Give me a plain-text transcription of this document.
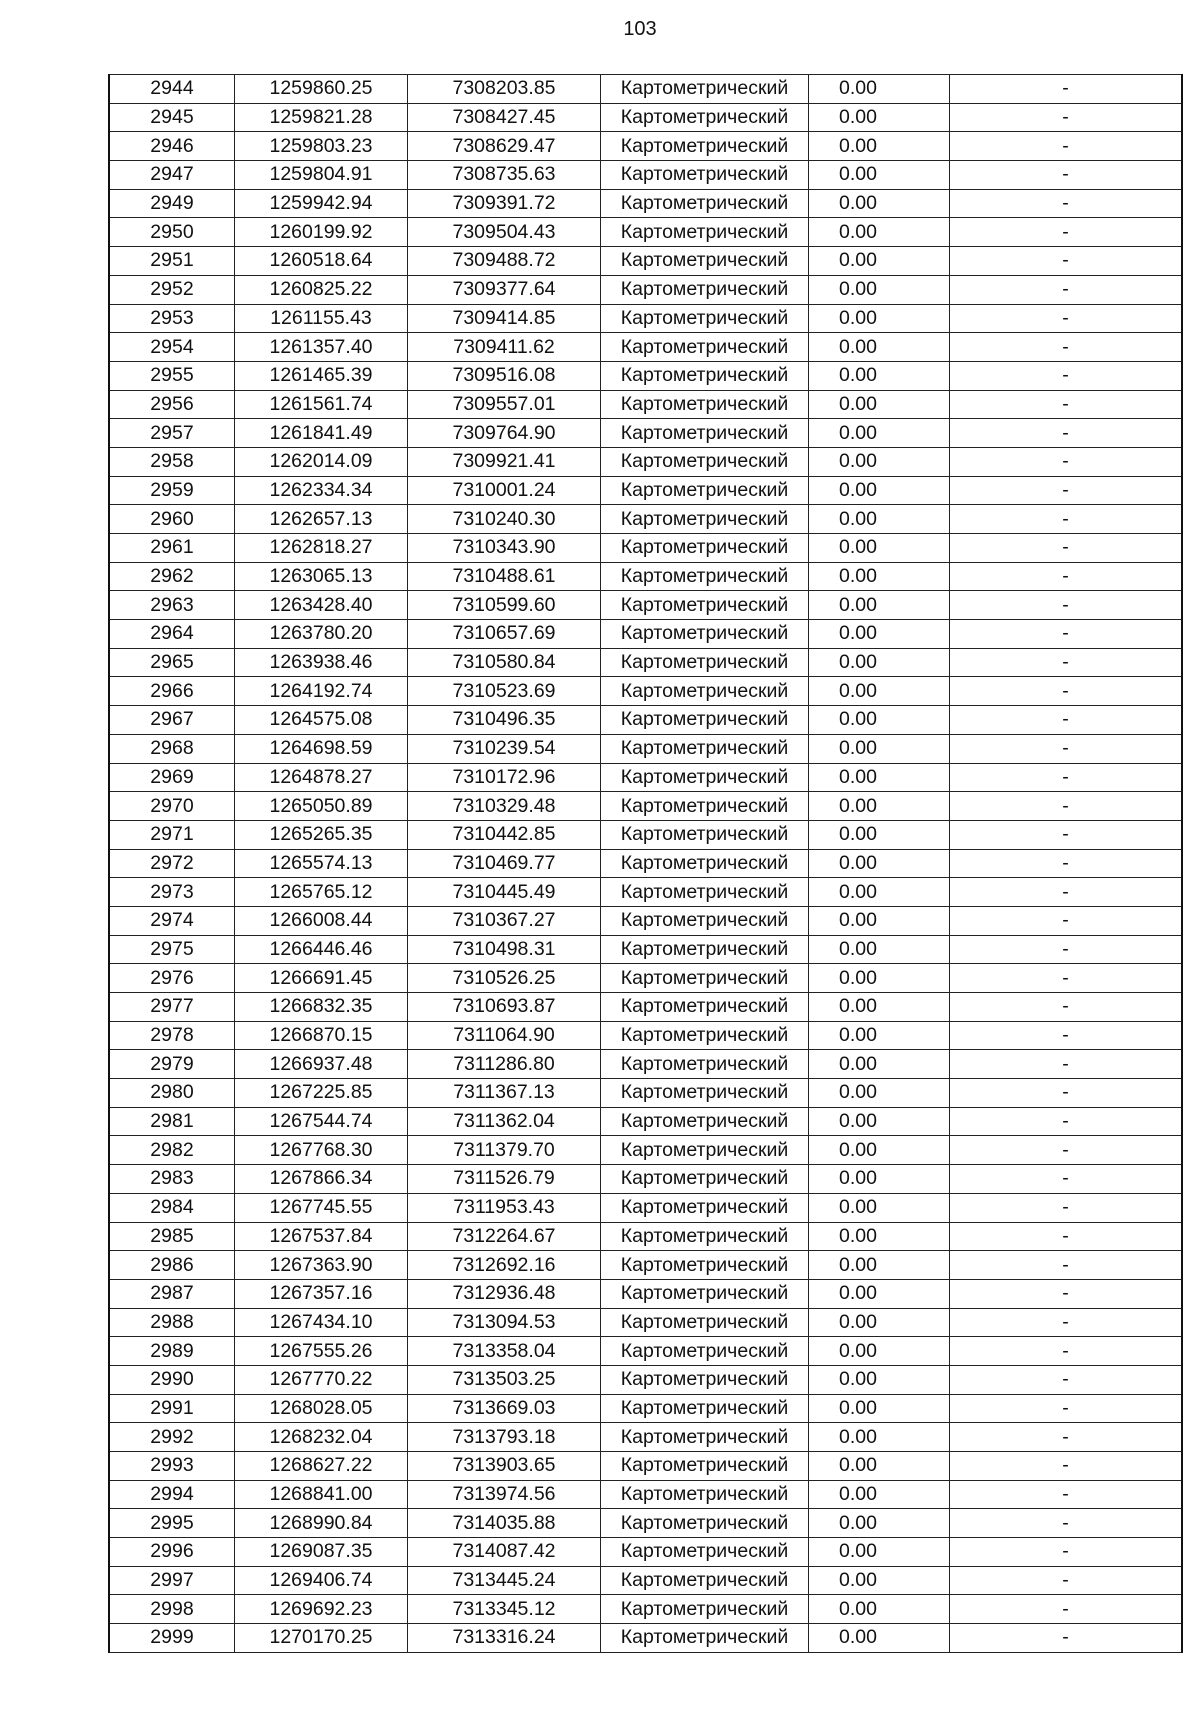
103
2944	1259860.25	7308203.85	Картометрический	0.00	-
2945	1259821.28	7308427.45	Картометрический	0.00	-
2946	1259803.23	7308629.47	Картометрический	0.00	-
2947	1259804.91	7308735.63	Картометрический	0.00	-
2949	1259942.94	7309391.72	Картометрический	0.00	-
2950	1260199.92	7309504.43	Картометрический	0.00	-
2951	1260518.64	7309488.72	Картометрический	0.00	-
2952	1260825.22	7309377.64	Картометрический	0.00	-
2953	1261155.43	7309414.85	Картометрический	0.00	-
2954	1261357.40	7309411.62	Картометрический	0.00	-
2955	1261465.39	7309516.08	Картометрический	0.00	-
2956	1261561.74	7309557.01	Картометрический	0.00	-
2957	1261841.49	7309764.90	Картометрический	0.00	-
2958	1262014.09	7309921.41	Картометрический	0.00	-
2959	1262334.34	7310001.24	Картометрический	0.00	-
2960	1262657.13	7310240.30	Картометрический	0.00	-
2961	1262818.27	7310343.90	Картометрический	0.00	-
2962	1263065.13	7310488.61	Картометрический	0.00	-
2963	1263428.40	7310599.60	Картометрический	0.00	-
2964	1263780.20	7310657.69	Картометрический	0.00	-
2965	1263938.46	7310580.84	Картометрический	0.00	-
2966	1264192.74	7310523.69	Картометрический	0.00	-
2967	1264575.08	7310496.35	Картометрический	0.00	-
2968	1264698.59	7310239.54	Картометрический	0.00	-
2969	1264878.27	7310172.96	Картометрический	0.00	-
2970	1265050.89	7310329.48	Картометрический	0.00	-
2971	1265265.35	7310442.85	Картометрический	0.00	-
2972	1265574.13	7310469.77	Картометрический	0.00	-
2973	1265765.12	7310445.49	Картометрический	0.00	-
2974	1266008.44	7310367.27	Картометрический	0.00	-
2975	1266446.46	7310498.31	Картометрический	0.00	-
2976	1266691.45	7310526.25	Картометрический	0.00	-
2977	1266832.35	7310693.87	Картометрический	0.00	-
2978	1266870.15	7311064.90	Картометрический	0.00	-
2979	1266937.48	7311286.80	Картометрический	0.00	-
2980	1267225.85	7311367.13	Картометрический	0.00	-
2981	1267544.74	7311362.04	Картометрический	0.00	-
2982	1267768.30	7311379.70	Картометрический	0.00	-
2983	1267866.34	7311526.79	Картометрический	0.00	-
2984	1267745.55	7311953.43	Картометрический	0.00	-
2985	1267537.84	7312264.67	Картометрический	0.00	-
2986	1267363.90	7312692.16	Картометрический	0.00	-
2987	1267357.16	7312936.48	Картометрический	0.00	-
2988	1267434.10	7313094.53	Картометрический	0.00	-
2989	1267555.26	7313358.04	Картометрический	0.00	-
2990	1267770.22	7313503.25	Картометрический	0.00	-
2991	1268028.05	7313669.03	Картометрический	0.00	-
2992	1268232.04	7313793.18	Картометрический	0.00	-
2993	1268627.22	7313903.65	Картометрический	0.00	-
2994	1268841.00	7313974.56	Картометрический	0.00	-
2995	1268990.84	7314035.88	Картометрический	0.00	-
2996	1269087.35	7314087.42	Картометрический	0.00	-
2997	1269406.74	7313445.24	Картометрический	0.00	-
2998	1269692.23	7313345.12	Картометрический	0.00	-
2999	1270170.25	7313316.24	Картометрический	0.00	-
